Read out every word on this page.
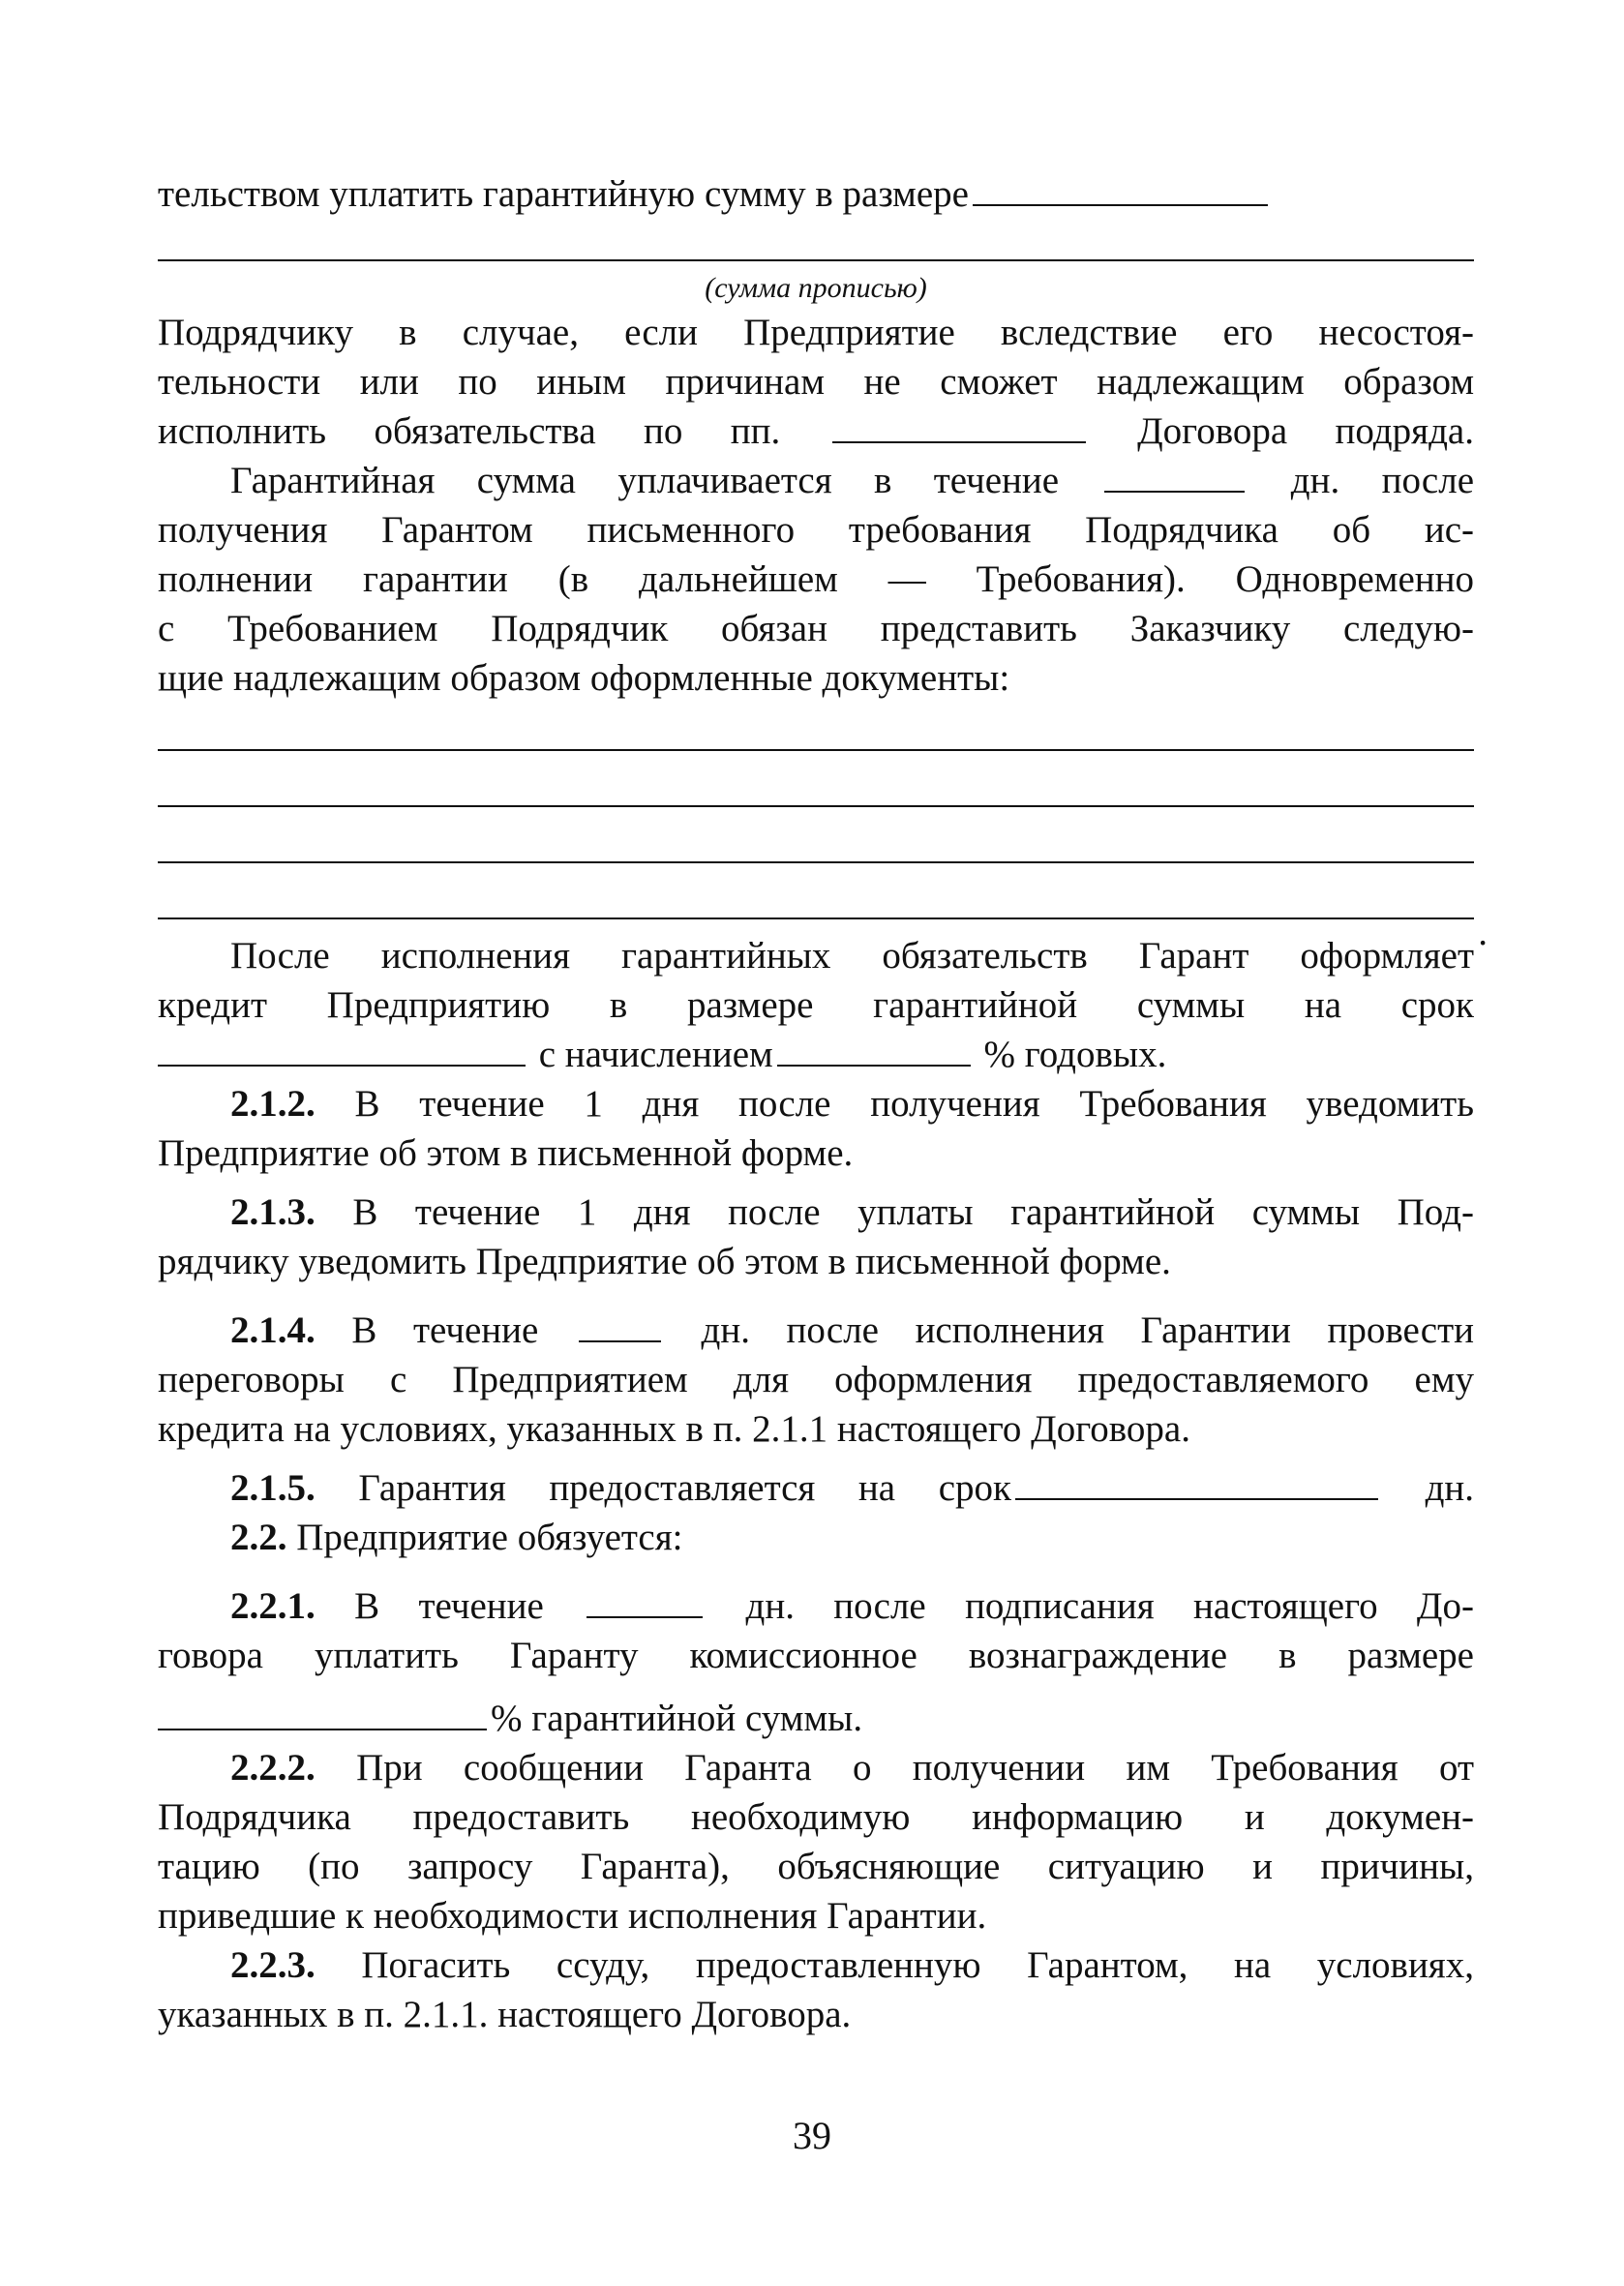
тельством уплатить гарантийную сумму в размере
(сумма прописью)
Подрядчику в случае, если Предприятие вследствие его несостоя-
тельности или по иным причинам не сможет надлежащим образом
исполнить обязательства по пп.	Договора подряда.
Гарантийная сумма уплачивается в течение	дн. после
получения Гарантом письменного требования Подрядчика об ис-
полнении гарантии (в дальнейшем — Требования). Одновременно
с Требованием Подрядчик обязан представить Заказчику следую-
щие надлежащим образом оформленные документы:
.
После исполнения гарантийных обязательств Гарант оформляет
кредит Предприятию в размере гарантийной суммы на срок
с начислением	% годовых.
2.1.2. В течение 1 дня после получения Требования уведомить
Предприятие об этом в письменной форме.
2.1.3. В течение 1 дня после уплаты гарантийной суммы Под-
рядчику уведомить Предприятие об этом в письменной форме.
2.1.4. В течение	дн. после исполнения Гарантии провести
переговоры с Предприятием для оформления предоставляемого ему
кредита на условиях, указанных в п. 2.1.1 настоящего Договора.
2.1.5. Гарантия предоставляется на срок	дн.
2.2. Предприятие обязуется:
2.2.1. В течение	дн. после подписания настоящего До-
говора уплатить Гаранту комиссионное вознаграждение в размере
% гарантийной суммы.
2.2.2. При сообщении Гаранта о получении им Требования от
Подрядчика предоставить необходимую информацию и докумен-
тацию (по запросу Гаранта), объясняющие ситуацию и причины,
приведшие к необходимости исполнения Гарантии.
2.2.3. Погасить ссуду, предоставленную Гарантом, на условиях,
указанных в п. 2.1.1. настоящего Договора.
39
